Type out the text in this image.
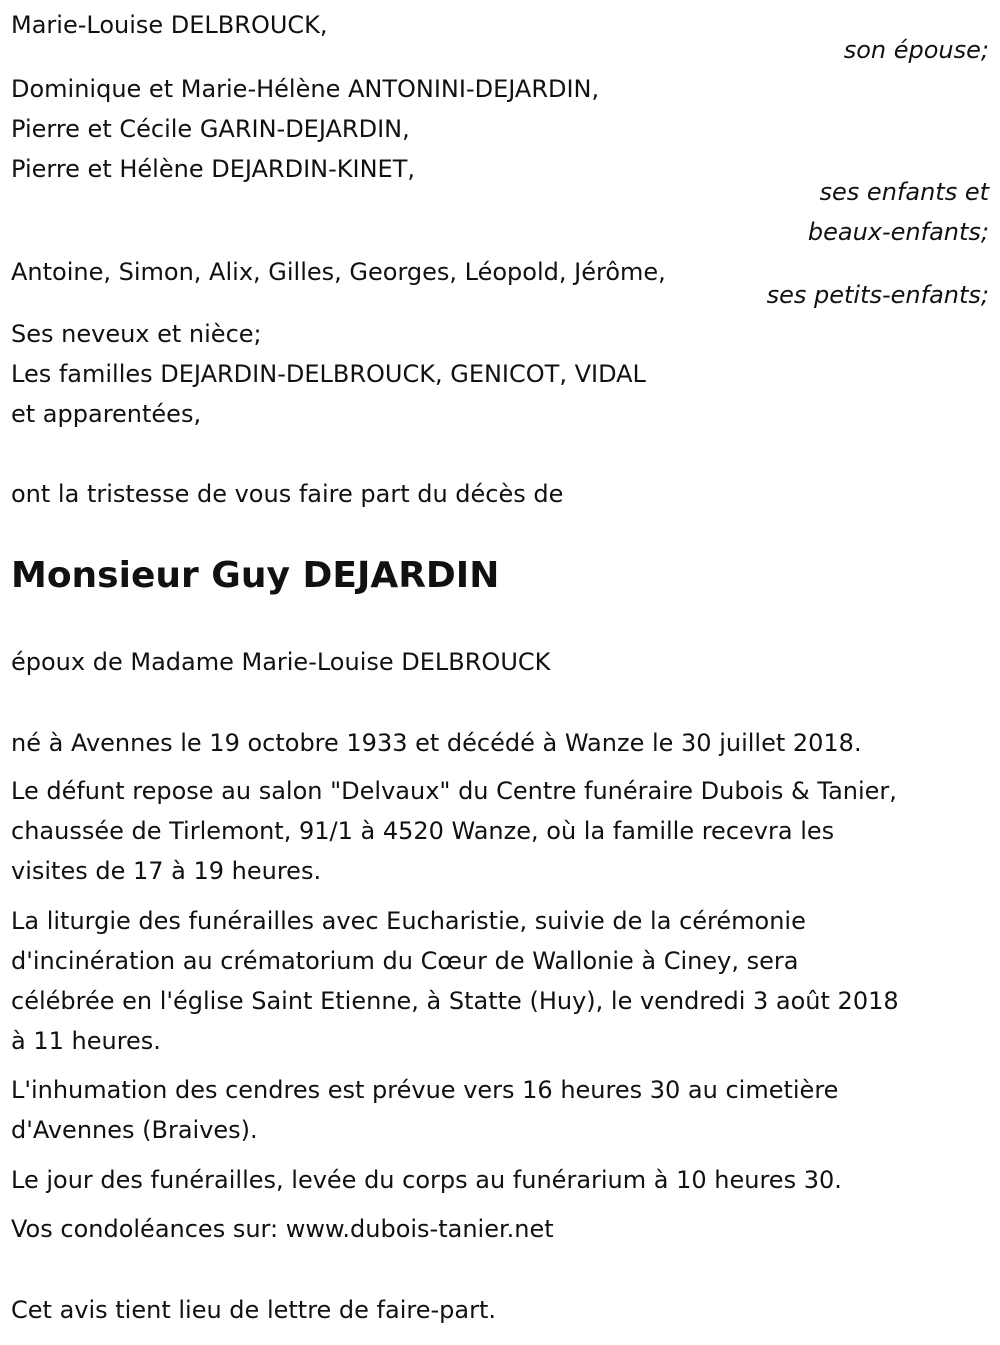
Marie-Louise DELBROUCK,

son épouse;

Dominique et Marie-Hélène ANTONINI-DEJARDIN,

Pierre et Cécile GARIN-DEJARDIN,

Pierre et Hélène DEJARDIN-KINET,

ses enfants et

beaux-enfants;

Antoine, Simon, Alix, Gilles, Georges, Léopold, Jérôme,

ses petits-enfants;

Ses neveux et nièce;

Les familles DEJARDIN-DELBROUCK, GENICOT, VIDAL

et apparentées,

ont la tristesse de vous faire part du décès de

Monsieur Guy DEJARDIN

époux de Madame Marie-Louise DELBROUCK

né à Avennes le 19 octobre 1933 et décédé à Wanze le 30 juillet 2018.

Le défunt repose au salon "Delvaux" du Centre funéraire Dubois & Tanier,

chaussée de Tirlemont, 91/1 à 4520 Wanze, où la famille recevra les

visites de 17 à 19 heures.

La liturgie des funérailles avec Eucharistie, suivie de la cérémonie

d'incinération au crématorium du Cœur de Wallonie à Ciney, sera

célébrée en l'église Saint Etienne, à Statte (Huy), le vendredi 3 août 2018

à 11 heures.

L'inhumation des cendres est prévue vers 16 heures 30 au cimetière

d'Avennes (Braives).

Le jour des funérailles, levée du corps au funérarium à 10 heures 30.

Vos condoléances sur: www.dubois-tanier.net

Cet avis tient lieu de lettre de faire-part.
